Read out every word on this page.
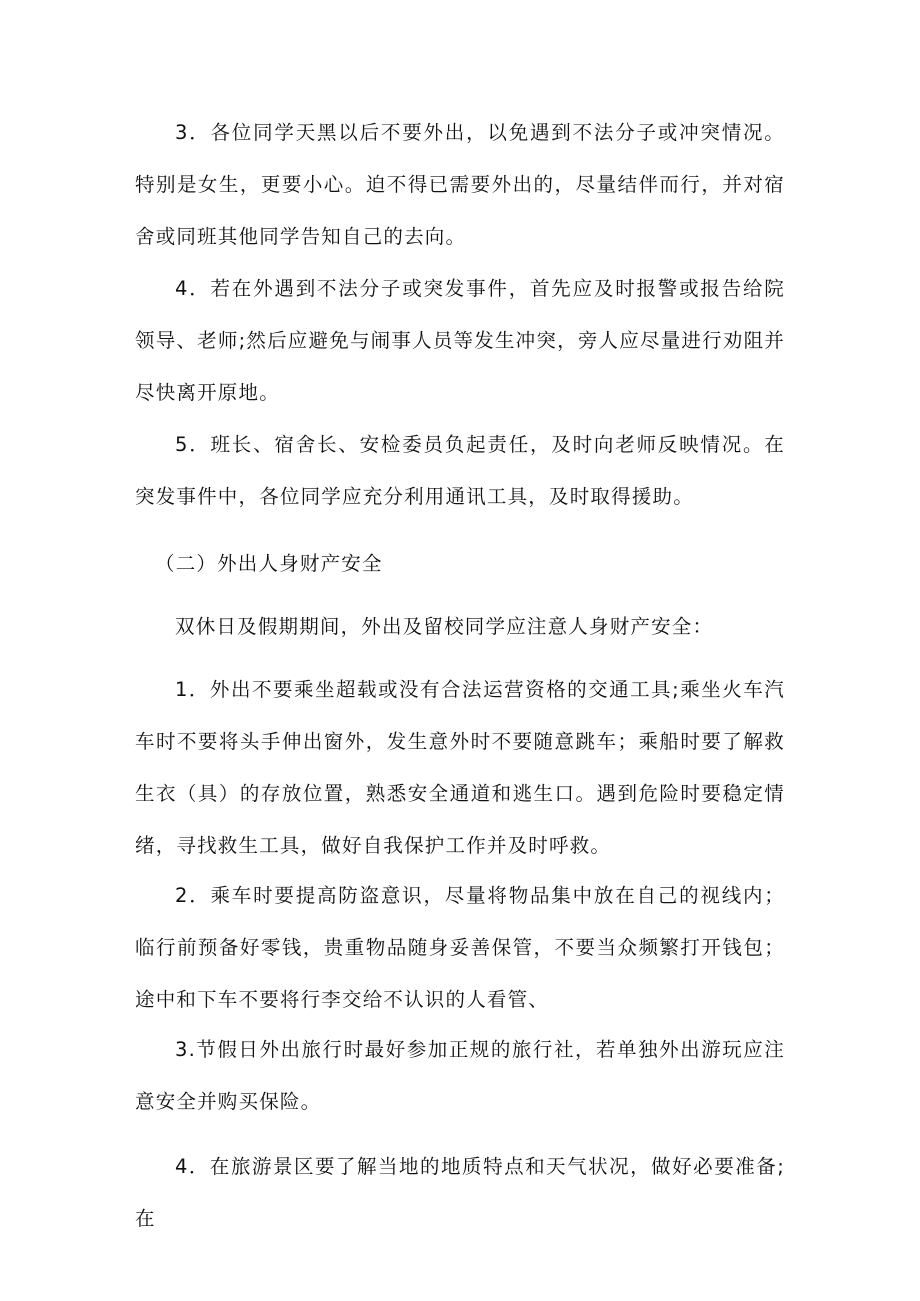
3．各位同学天黑以后不要外出，以免遇到不法分子或冲突情况。特别是女生，更要小心。迫不得已需要外出的，尽量结伴而行，并对宿舍或同班其他同学告知自己的去向。

4．若在外遇到不法分子或突发事件，首先应及时报警或报告给院领导、老师;然后应避免与闹事人员等发生冲突，旁人应尽量进行劝阻并尽快离开原地。

5．班长、宿舍长、安检委员负起责任，及时向老师反映情况。在突发事件中，各位同学应充分利用通讯工具，及时取得援助。

（二）外出人身财产安全

双休日及假期期间，外出及留校同学应注意人身财产安全：

1．外出不要乘坐超载或没有合法运营资格的交通工具;乘坐火车汽车时不要将头手伸出窗外，发生意外时不要随意跳车；乘船时要了解救生衣（具）的存放位置，熟悉安全通道和逃生口。遇到危险时要稳定情绪，寻找救生工具，做好自我保护工作并及时呼救。

2．乘车时要提高防盗意识，尽量将物品集中放在自己的视线内；临行前预备好零钱，贵重物品随身妥善保管，不要当众频繁打开钱包；途中和下车不要将行李交给不认识的人看管、

3.节假日外出旅行时最好参加正规的旅行社，若单独外出游玩应注意安全并购买保险。

4．在旅游景区要了解当地的地质特点和天气状况，做好必要准备;在
